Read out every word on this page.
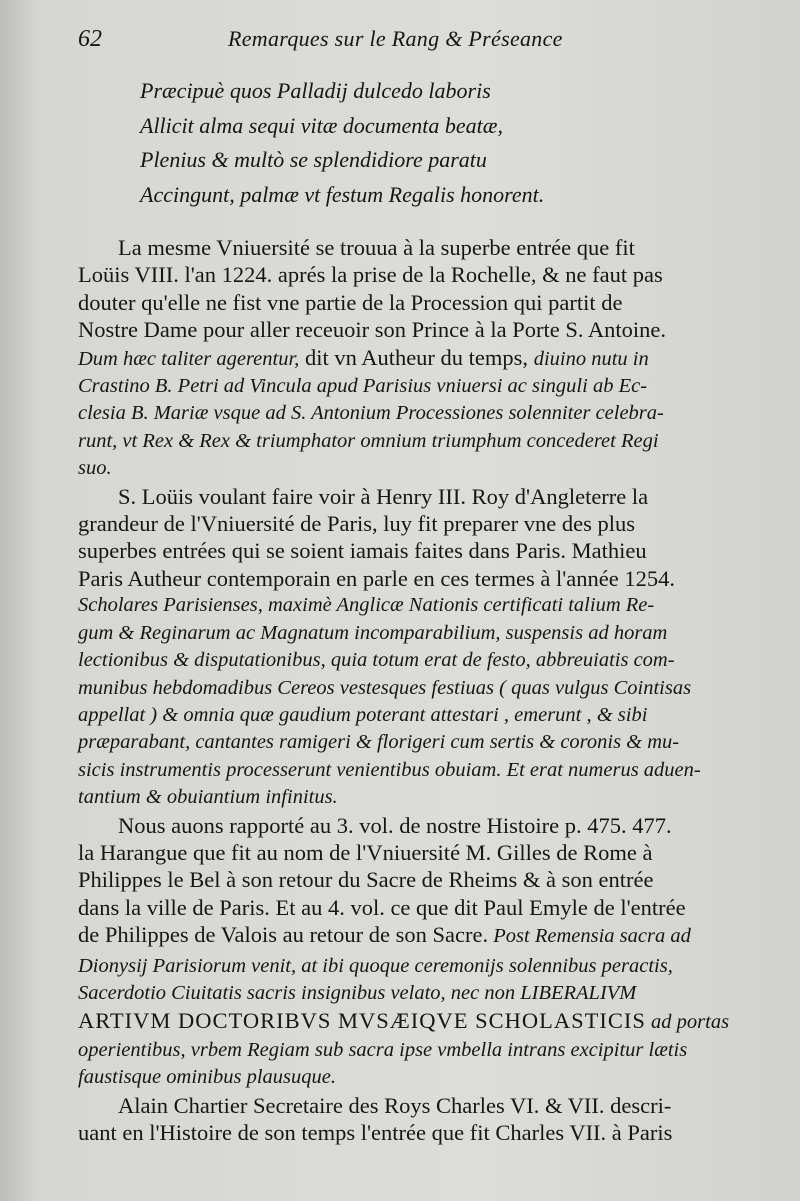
62	Remarques sur le Rang & Préseance
Præcipuè quos Palladij dulcedo laboris
Allicit alma sequi vitæ documenta beatæ,
Plenius & multò se splendidiore paratu
Accingunt, palmæ vt festum Regalis honorent.
La mesme Vniuersité se trouua à la superbe entrée que fit
Loüis VIII. l'an 1224. aprés la prise de la Rochelle, & ne faut pas
douter qu'elle ne fist vne partie de la Procession qui partit de
Nostre Dame pour aller receuoir son Prince à la Porte S. Antoine.
Dum hæc taliter agerentur, dit vn Autheur du temps, diuino nutu in
Crastino B. Petri ad Vincula apud Parisius vniuersi ac singuli ab Ec-
clesia B. Mariæ vsque ad S. Antonium Processiones solenniter celebra-
runt, vt Rex & Rex & triumphator omnium triumphum concederet Regi
suo.
S. Loüis voulant faire voir à Henry III. Roy d'Angleterre la
grandeur de l'Vniuersité de Paris, luy fit preparer vne des plus
superbes entrées qui se soient iamais faites dans Paris. Mathieu
Paris Autheur contemporain en parle en ces termes à l'année 1254.
Scholares Parisienses, maximè Anglicæ Nationis certificati talium Re-
gum & Reginarum ac Magnatum incomparabilium, suspensis ad horam
lectionibus & disputationibus, quia totum erat de festo, abbreuiatis com-
munibus hebdomadibus Cereos vestesques festiuas ( quas vulgus Cointisas
appellat ) & omnia quæ gaudium poterant attestari , emerunt , & sibi
præparabant, cantantes ramigeri & florigeri cum sertis & coronis & mu-
sicis instrumentis processerunt venientibus obuiam. Et erat numerus aduen-
tantium & obuiantium infinitus.
Nous auons rapporté au 3. vol. de nostre Histoire p. 475. 477.
la Harangue que fit au nom de l'Vniuersité M. Gilles de Rome à
Philippes le Bel à son retour du Sacre de Rheims & à son entrée
dans la ville de Paris. Et au 4. vol. ce que dit Paul Emyle de l'entrée
de Philippes de Valois au retour de son Sacre. Post Remensia sacra ad
Dionysij Parisiorum venit, at ibi quoque ceremonijs solennibus peractis,
Sacerdotio Ciuitatis sacris insignibus velato, nec non LIBERALIVM
ARTIVM DOCTORIBVS MVSÆIQVE SCHOLASTICIS ad portas
operientibus, vrbem Regiam sub sacra ipse vmbella intrans excipitur lætis
faustisque ominibus plausuque.
Alain Chartier Secretaire des Roys Charles VI. & VII. descri-
uant en l'Histoire de son temps l'entrée que fit Charles VII. à Paris
